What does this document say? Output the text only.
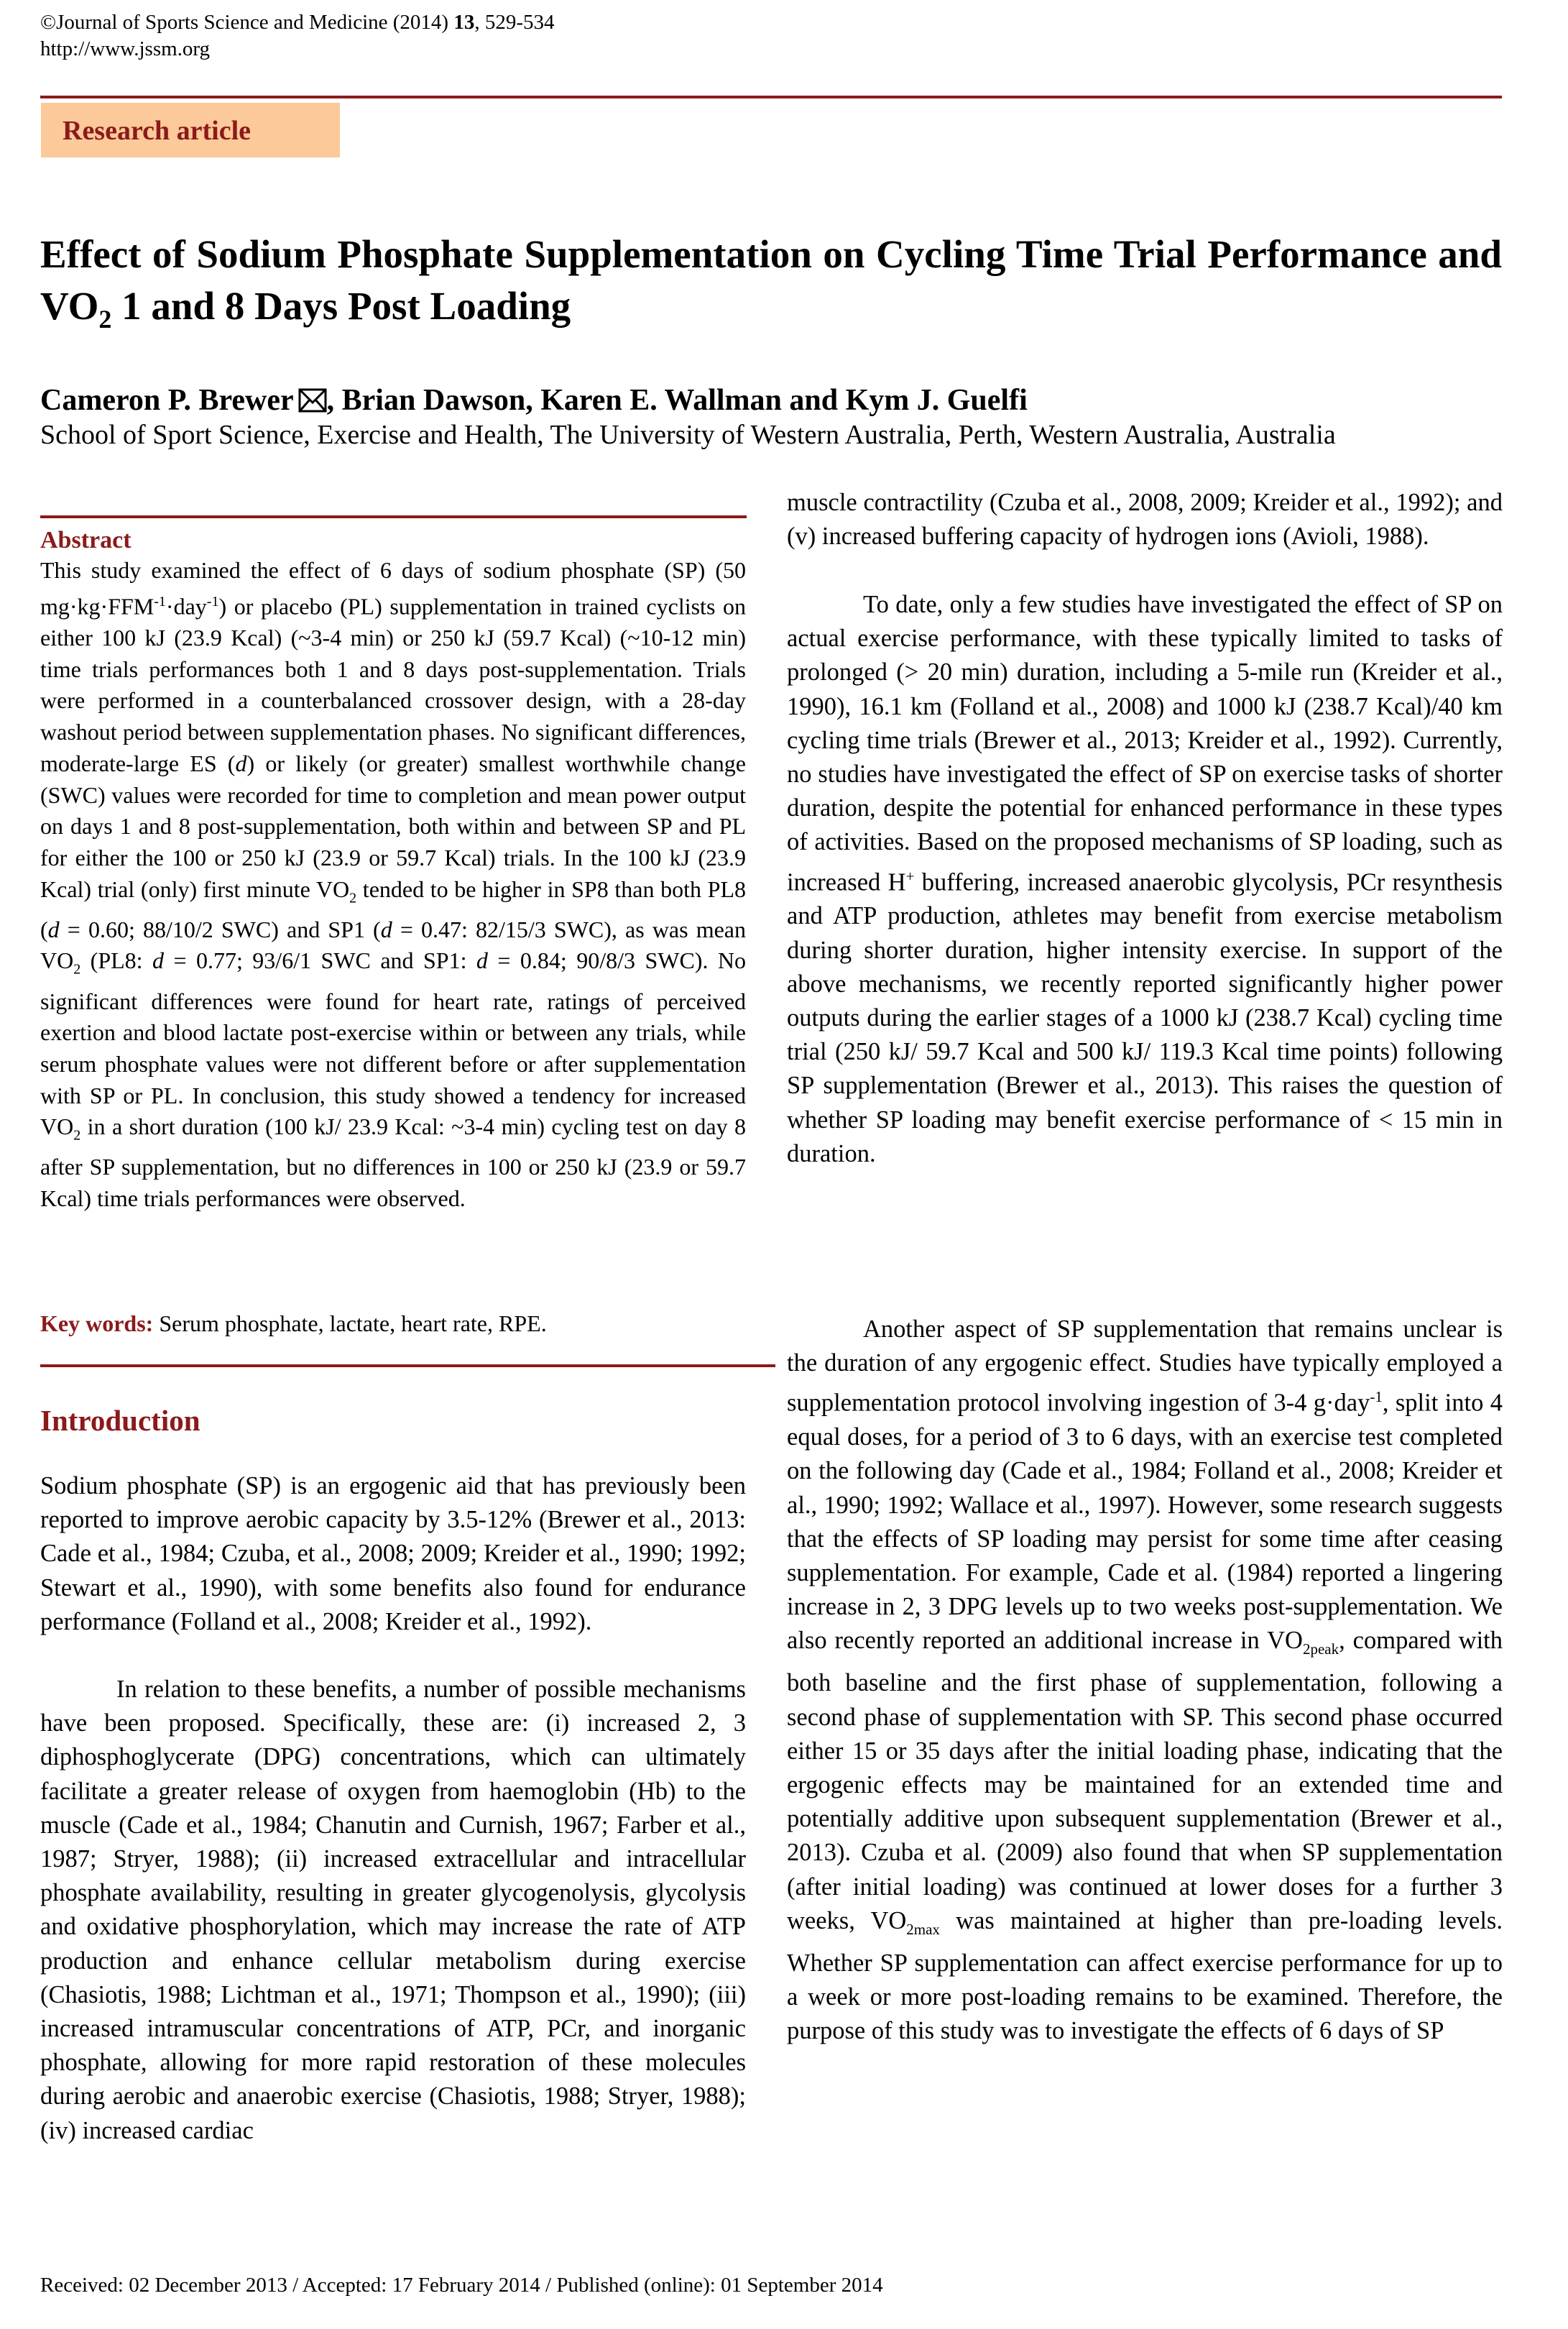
©Journal of Sports Science and Medicine (2014) 13, 529-534
http://www.jssm.org
Research article
Effect of Sodium Phosphate Supplementation on Cycling Time Trial Performance and $VO_2$ 1 and 8 Days Post Loading
Cameron P. Brewer , Brian Dawson, Karen E. Wallman and Kym J. Guelfi
School of Sport Science, Exercise and Health, The University of Western Australia, Perth, Western Australia, Australia
Abstract
This study examined the effect of 6 days of sodium phosphate (SP) (50 $mg\cdot kg\cdot FFM^{-1}\cdot day^{-1}$) or placebo (PL) supplementation in trained cyclists on either 100 kJ (23.9 Kcal) (~3-4 min) or 250 kJ (59.7 Kcal) (~10-12 min) time trials performances both 1 and 8 days post-supplementation. Trials were performed in a counterbalanced crossover design, with a 28-day washout period between supplementation phases. No significant differences, moderate-large ES (d) or likely (or greater) smallest worthwhile change (SWC) values were recorded for time to completion and mean power output on days 1 and 8 post-supplementation, both within and between SP and PL for either the 100 or 250 kJ (23.9 or 59.7 Kcal) trials. In the 100 kJ (23.9 Kcal) trial (only) first minute $VO_2$ tended to be higher in SP8 than both PL8 (d = 0.60; 88/10/2 SWC) and SP1 (d = 0.47: 82/15/3 SWC), as was mean $VO_2$ (PL8: d = 0.77; 93/6/1 SWC and SP1: d = 0.84; 90/8/3 SWC). No significant differences were found for heart rate, ratings of perceived exertion and blood lactate post-exercise within or between any trials, while serum phosphate values were not different before or after supplementation with SP or PL. In conclusion, this study showed a tendency for increased $VO_2$ in a short duration (100 kJ/ 23.9 Kcal: ~3-4 min) cycling test on day 8 after SP supplementation, but no differences in 100 or 250 kJ (23.9 or 59.7 Kcal) time trials performances were observed.
Key words: Serum phosphate, lactate, heart rate, RPE.
Introduction
Sodium phosphate (SP) is an ergogenic aid that has previously been reported to improve aerobic capacity by 3.5-12% (Brewer et al., 2013: Cade et al., 1984; Czuba, et al., 2008; 2009; Kreider et al., 1990; 1992; Stewart et al., 1990), with some benefits also found for endurance performance (Folland et al., 2008; Kreider et al., 1992).
In relation to these benefits, a number of possible mechanisms have been proposed. Specifically, these are: (i) increased 2, 3 diphosphoglycerate (DPG) concentrations, which can ultimately facilitate a greater release of oxygen from haemoglobin (Hb) to the muscle (Cade et al., 1984; Chanutin and Curnish, 1967; Farber et al., 1987; Stryer, 1988); (ii) increased extracellular and intracellular phosphate availability, resulting in greater glycogenolysis, glycolysis and oxidative phosphorylation, which may increase the rate of ATP production and enhance cellular metabolism during exercise (Chasiotis, 1988; Lichtman et al., 1971; Thompson et al., 1990); (iii) increased intramuscular concentrations of ATP, PCr, and inorganic phosphate, allowing for more rapid restoration of these molecules during aerobic and anaerobic exercise (Chasiotis, 1988; Stryer, 1988); (iv) increased cardiac
muscle contractility (Czuba et al., 2008, 2009; Kreider et al., 1992); and (v) increased buffering capacity of hydrogen ions (Avioli, 1988).
To date, only a few studies have investigated the effect of SP on actual exercise performance, with these typically limited to tasks of prolonged (> 20 min) duration, including a 5-mile run (Kreider et al., 1990), 16.1 km (Folland et al., 2008) and 1000 kJ (238.7 Kcal)/40 km cycling time trials (Brewer et al., 2013; Kreider et al., 1992). Currently, no studies have investigated the effect of SP on exercise tasks of shorter duration, despite the potential for enhanced performance in these types of activities. Based on the proposed mechanisms of SP loading, such as increased H+ buffering, increased anaerobic glycolysis, PCr resynthesis and ATP production, athletes may benefit from exercise metabolism during shorter duration, higher intensity exercise. In support of the above mechanisms, we recently reported significantly higher power outputs during the earlier stages of a 1000 kJ (238.7 Kcal) cycling time trial (250 kJ/ 59.7 Kcal and 500 kJ/ 119.3 Kcal time points) following SP supplementation (Brewer et al., 2013). This raises the question of whether SP loading may benefit exercise performance of < 15 min in duration.
Another aspect of SP supplementation that remains unclear is the duration of any ergogenic effect. Studies have typically employed a supplementation protocol involving ingestion of 3-4 g·day$^{-1}$, split into 4 equal doses, for a period of 3 to 6 days, with an exercise test completed on the following day (Cade et al., 1984; Folland et al., 2008; Kreider et al., 1990; 1992; Wallace et al., 1997). However, some research suggests that the effects of SP loading may persist for some time after ceasing supplementation. For example, Cade et al. (1984) reported a lingering increase in 2, 3 DPG levels up to two weeks post-supplementation. We also recently reported an additional increase in $VO_{2peak}$, compared with both baseline and the first phase of supplementation, following a second phase of supplementation with SP. This second phase occurred either 15 or 35 days after the initial loading phase, indicating that the ergogenic effects may be maintained for an extended time and potentially additive upon subsequent supplementation (Brewer et al., 2013). Czuba et al. (2009) also found that when SP supplementation (after initial loading) was continued at lower doses for a further 3 weeks, $VO_{2max}$ was maintained at higher than pre-loading levels. Whether SP supplementation can affect exercise performance for up to a week or more post-loading remains to be examined. Therefore, the purpose of this study was to investigate the effects of 6 days of SP
Received: 02 December 2013 / Accepted: 17 February 2014 / Published (online): 01 September 2014
